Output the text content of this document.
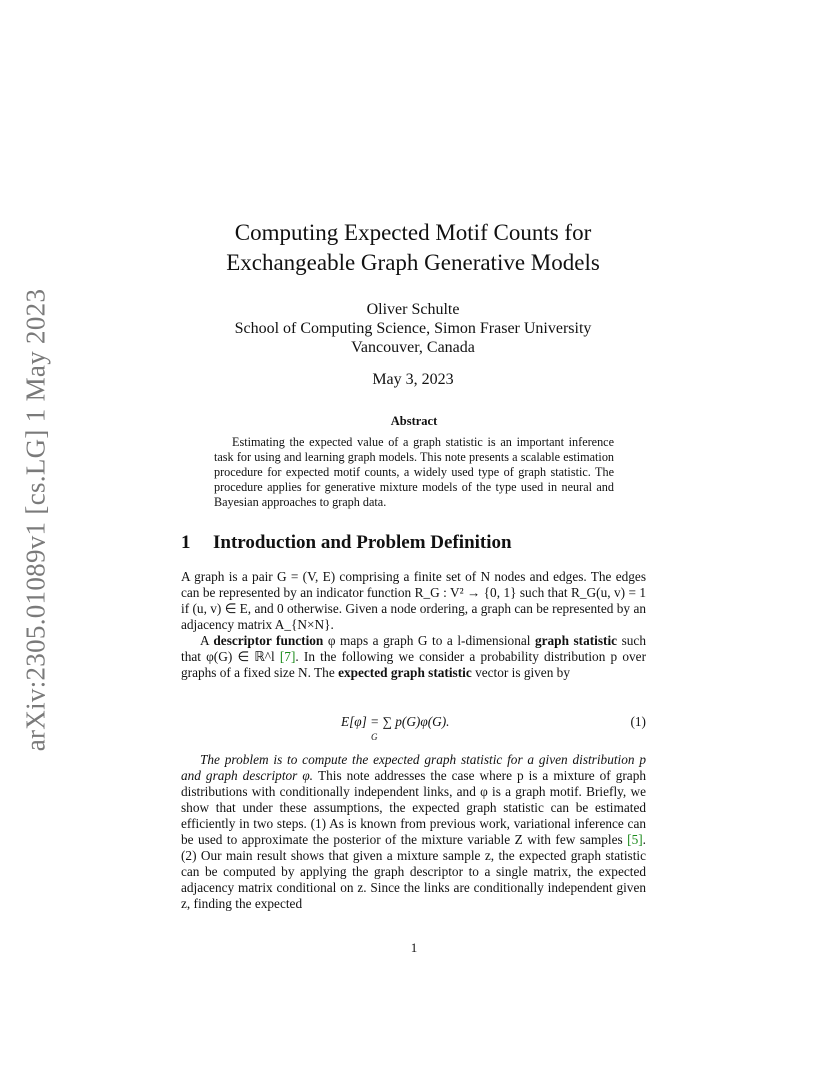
arXiv:2305.01089v1 [cs.LG] 1 May 2023
Computing Expected Motif Counts for
Exchangeable Graph Generative Models
Oliver Schulte
School of Computing Science, Simon Fraser University
Vancouver, Canada
May 3, 2023
Abstract

Estimating the expected value of a graph statistic is an important inference task for using and learning graph models. This note presents a scalable estimation procedure for expected motif counts, a widely used type of graph statistic. The procedure applies for generative mixture models of the type used in neural and Bayesian approaches to graph data.

1 Introduction and Problem Definition

A graph is a pair G = (V, E) comprising a finite set of N nodes and edges. The edges can be represented by an indicator function R_G : V² → {0, 1} such that R_G(u, v) = 1 if (u, v) ∈ E, and 0 otherwise. Given a node ordering, a graph can be represented by an adjacency matrix A_{N×N}.

A descriptor function φ maps a graph G to a l-dimensional graph statistic such that φ(G) ∈ ℝ^l [7]. In the following we consider a probability distribution p over graphs of a fixed size N. The expected graph statistic vector is given by

E[φ] = ∑ p(G)φ(G).
G
(1)

The problem is to compute the expected graph statistic for a given distribution p and graph descriptor φ. This note addresses the case where p is a mixture of graph distributions with conditionally independent links, and φ is a graph motif. Briefly, we show that under these assumptions, the expected graph statistic can be estimated efficiently in two steps. (1) As is known from previous work, variational inference can be used to approximate the posterior of the mixture variable Z with few samples [5]. (2) Our main result shows that given a mixture sample z, the expected graph statistic can be computed by applying the graph descriptor to a single matrix, the expected adjacency matrix conditional on z. Since the links are conditionally independent given z, finding the expected

1
